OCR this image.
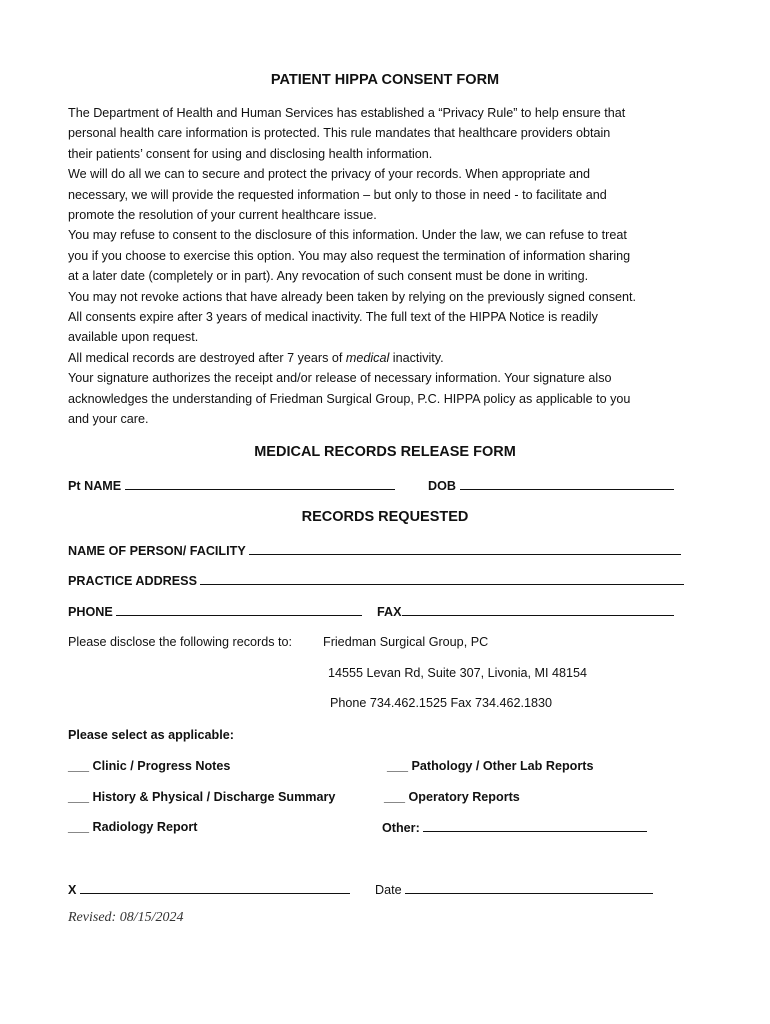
PATIENT HIPPA CONSENT FORM
The Department of Health and Human Services has established a “Privacy Rule” to help ensure that
personal health care information is protected. This rule mandates that healthcare providers obtain
their patients’ consent for using and disclosing health information.
We will do all we can to secure and protect the privacy of your records. When appropriate and
necessary, we will provide the requested information – but only to those in need - to facilitate and
promote the resolution of your current healthcare issue.
You may refuse to consent to the disclosure of this information. Under the law, we can refuse to treat
you if you choose to exercise this option. You may also request the termination of information sharing
at a later date (completely or in part). Any revocation of such consent must be done in writing.
You may not revoke actions that have already been taken by relying on the previously signed consent.
All consents expire after 3 years of medical inactivity. The full text of the HIPPA Notice is readily
available upon request.
All medical records are destroyed after 7 years of medical inactivity.
Your signature authorizes the receipt and/or release of necessary information. Your signature also
acknowledges the understanding of Friedman Surgical Group, P.C. HIPPA policy as applicable to you
and your care.
MEDICAL RECORDS RELEASE FORM
Pt NAME	DOB
RECORDS REQUESTED
NAME OF PERSON/ FACILITY
PRACTICE ADDRESS
PHONE	FAX
Please disclose the following records to: Friedman Surgical Group, PC
14555 Levan Rd, Suite 307, Livonia, MI 48154
Phone 734.462.1525 Fax 734.462.1830
Please select as applicable:
___ Clinic / Progress Notes	___ Pathology / Other Lab Reports
___ History & Physical / Discharge Summary	___ Operatory Reports
___ Radiology Report	Other:
X	Date
Revised: 08/15/2024
